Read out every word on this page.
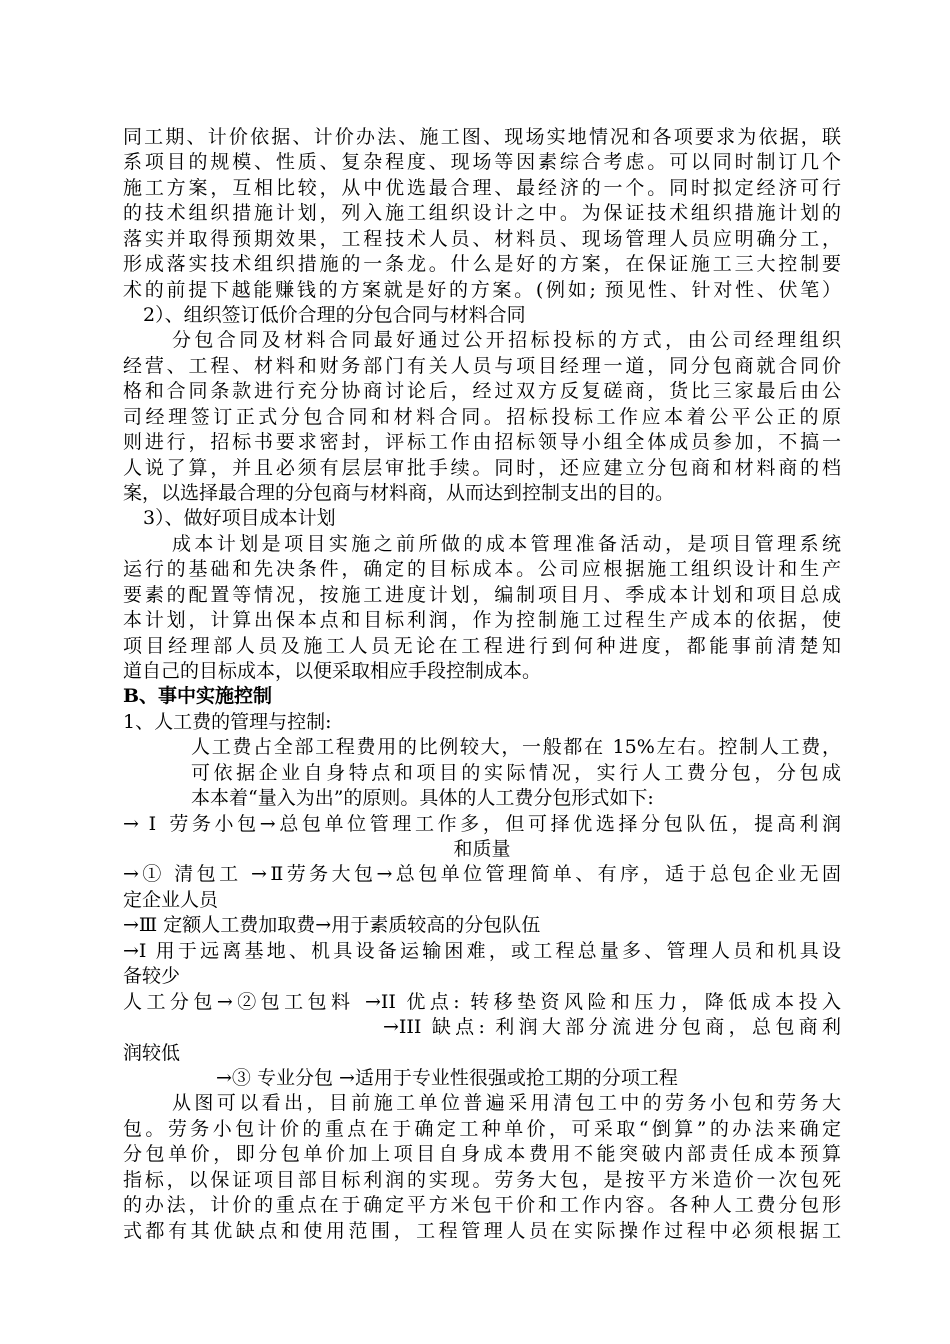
同工期、计价依据、计价办法、施工图、现场实地情况和各项要求为依据，联
系项目的规模、性质、复杂程度、现场等因素综合考虑。可以同时制订几个
施工方案，互相比较，从中优选最合理、最经济的一个。同时拟定经济可行
的技术组织措施计划，列入施工组织设计之中。为保证技术组织措施计划的
落实并取得预期效果，工程技术人员、材料员、现场管理人员应明确分工，
形成落实技术组织措施的一条龙。什么是好的方案，在保证施工三大控制要
术的前提下越能赚钱的方案就是好的方案。(例如; 预见性、针对性、伏笔）
2）、组织签订低价合理的分包合同与材料合同
分包合同及材料合同最好通过公开招标投标的方式，由公司经理组织
经营、工程、材料和财务部门有关人员与项目经理一道，同分包商就合同价
格和合同条款进行充分协商讨论后，经过双方反复磋商，货比三家最后由公
司经理签订正式分包合同和材料合同。招标投标工作应本着公平公正的原
则进行，招标书要求密封，评标工作由招标领导小组全体成员参加，不搞一
人说了算，并且必须有层层审批手续。同时，还应建立分包商和材料商的档
案，以选择最合理的分包商与材料商，从而达到控制支出的目的。
3）、做好项目成本计划
成本计划是项目实施之前所做的成本管理准备活动，是项目管理系统
运行的基础和先决条件，确定的目标成本。公司应根据施工组织设计和生产
要素的配置等情况，按施工进度计划，编制项目月、季成本计划和项目总成
本计划，计算出保本点和目标利润，作为控制施工过程生产成本的依据，使
项目经理部人员及施工人员无论在工程进行到何种进度，都能事前清楚知
道自己的目标成本，以便采取相应手段控制成本。
B、事中实施控制
1、人工费的管理与控制:
人工费占全部工程费用的比例较大，一般都在 15%左右。控制人工费，
可依据企业自身特点和项目的实际情况，实行人工费分包，分包成
本本着“量入为出”的原则。具体的人工费分包形式如下:
→ Ⅰ 劳务小包→总包单位管理工作多，但可择优选择分包队伍，提高利润
和质量
→① 清包工 →Ⅱ劳务大包→总包单位管理简单、有序，适于总包企业无固
定企业人员
→Ⅲ 定额人工费加取费→用于素质较高的分包队伍
→I 用于远离基地、机具设备运输困难，或工程总量多、管理人员和机具设
备较少
人工分包→②包工包料 →II 优点: 转移垫资风险和压力，降低成本投入
→III 缺点: 利润大部分流进分包商，总包商利
润较低
→③ 专业分包 →适用于专业性很强或抢工期的分项工程
从图可以看出，目前施工单位普遍采用清包工中的劳务小包和劳务大
包。劳务小包计价的重点在于确定工种单价，可采取“倒算”的办法来确定
分包单价，即分包单价加上项目自身成本费用不能突破内部责任成本预算
指标，以保证项目部目标利润的实现。劳务大包，是按平方米造价一次包死
的办法，计价的重点在于确定平方米包干价和工作内容。各种人工费分包形
式都有其优缺点和使用范围，工程管理人员在实际操作过程中必须根据工
